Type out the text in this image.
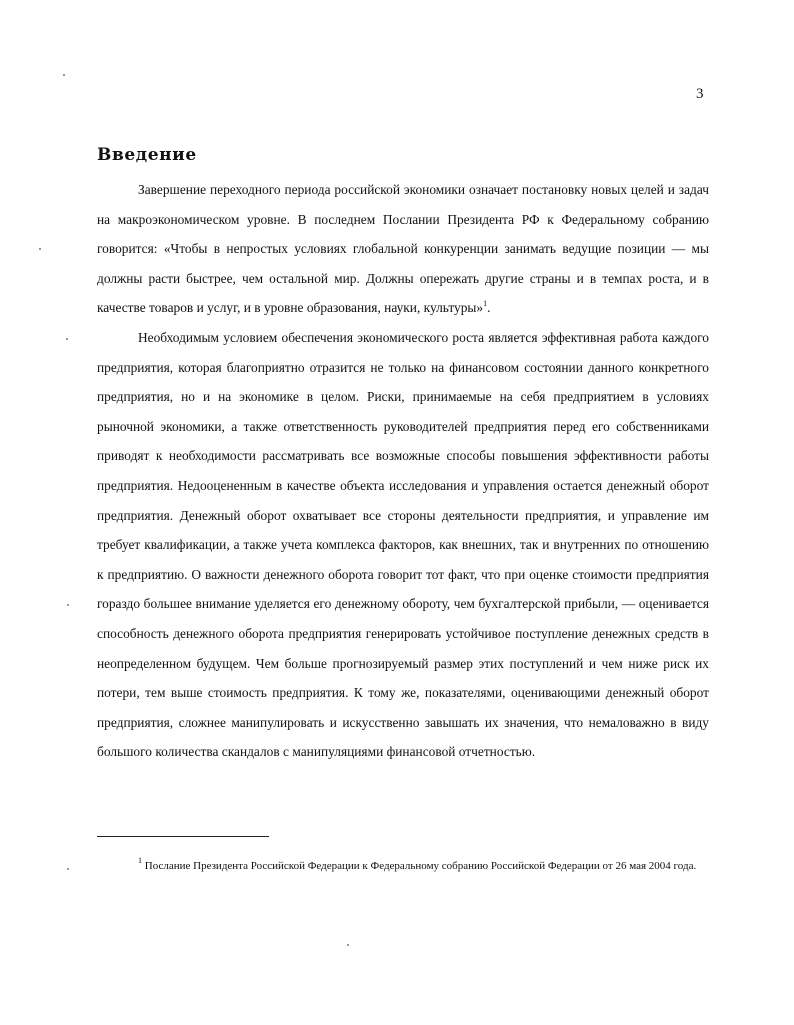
3
Введение

Завершение переходного периода российской экономики означает постановку новых целей и задач на макроэкономическом уровне. В последнем Послании Президента РФ к Федеральному собранию говорится: «Чтобы в непростых условиях глобальной конкуренции занимать ведущие позиции — мы должны расти быстрее, чем остальной мир. Должны опережать другие страны и в темпах роста, и в качестве товаров и услуг, и в уровне образования, науки, культуры»$^1$.

Необходимым условием обеспечения экономического роста является эффективная работа каждого предприятия, которая благоприятно отразится не только на финансовом состоянии данного конкретного предприятия, но и на экономике в целом. Риски, принимаемые на себя предприятием в условиях рыночной экономики, а также ответственность руководителей предприятия перед его собственниками приводят к необходимости рассматривать все возможные способы повышения эффективности работы предприятия. Недооцененным в качестве объекта исследования и управления остается денежный оборот предприятия. Денежный оборот охватывает все стороны деятельности предприятия, и управление им требует квалификации, а также учета комплекса факторов, как внешних, так и внутренних по отношению к предприятию. О важности денежного оборота говорит тот факт, что при оценке стоимости предприятия гораздо большее внимание уделяется его денежному обороту, чем бухгалтерской прибыли, — оценивается способность денежного оборота предприятия генерировать устойчивое поступление денежных средств в неопределенном будущем. Чем больше прогнозируемый размер этих поступлений и чем ниже риск их потери, тем выше стоимость предприятия. К тому же, показателями, оценивающими денежный оборот предприятия, сложнее манипулировать и искусственно завышать их значения, что немаловажно в виду большого количества скандалов с манипуляциями финансовой отчетностью.

$^1$ Послание Президента Российской Федерации к Федеральному собранию Российской Федерации от 26 мая 2004 года.
